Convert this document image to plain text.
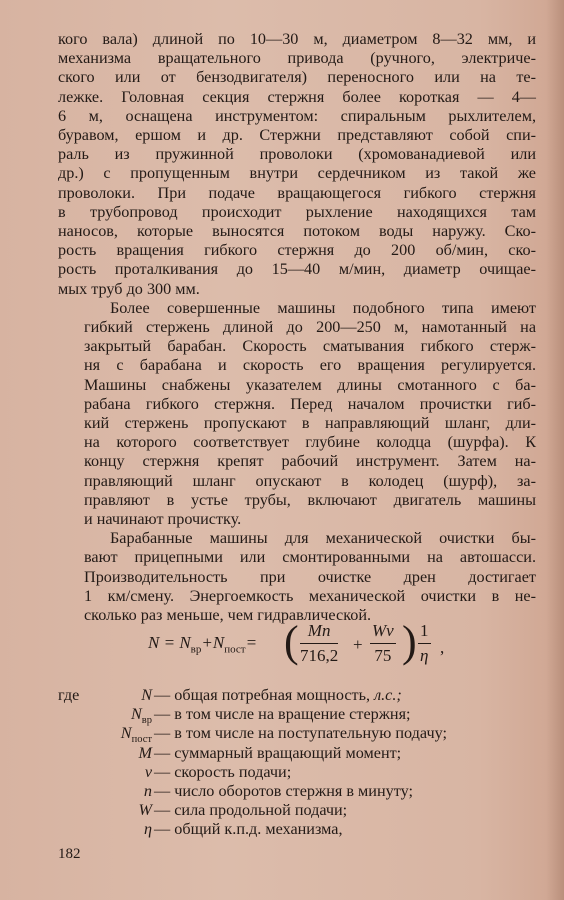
кого вала) длиной по 10—30 м, диаметром 8—32 мм, и
механизма вращательного привода (ручного, электриче-
ского или от бензодвигателя) переносного или на те-
лежке. Головная секция стержня более короткая — 4—
6 м, оснащена инструментом: спиральным рыхлителем,
буравом, ершом и др. Стержни представляют собой спи-
раль из пружинной проволоки (хромованадиевой или
др.) с пропущенным внутри сердечником из такой же
проволоки. При подаче вращающегося гибкого стержня
в трубопровод происходит рыхление находящихся там
наносов, которые выносятся потоком воды наружу. Ско-
рость вращения гибкого стержня до 200 об/мин, ско-
рость проталкивания до 15—40 м/мин, диаметр очищае-
мых труб до 300 мм.
Более совершенные машины подобного типа имеют
гибкий стержень длиной до 200—250 м, намотанный на
закрытый барабан. Скорость сматывания гибкого стерж-
ня с барабана и скорость его вращения регулируется.
Машины снабжены указателем длины смотанного с ба-
рабана гибкого стержня. Перед началом прочистки гиб-
кий стержень пропускают в направляющий шланг, дли-
на которого соответствует глубине колодца (шурфа). К
концу стержня крепят рабочий инструмент. Затем на-
правляющий шланг опускают в колодец (шурф), за-
правляют в устье трубы, включают двигатель машины
и начинают прочистку.
Барабанные машины для механической очистки бы-
вают прицепными или смонтированными на автошасси.
Производительность при очистке дрен достигает
1 км/смену. Энергоемкость механической очистки в не-
сколько раз меньше, чем гидравлической.
$N = N_{вр}+N_{пост}=$ ( $\frac{Mn}{716,2} + \frac{Wv}{75}$ ) $\frac{1}{\eta}$ ,
где	N — общая потребная мощность, л.с.;
$N_{вр}$ — в том числе на вращение стержня;
$N_{пост}$ — в том числе на поступательную подачу;
M — суммарный вращающий момент;
v — скорость подачи;
n — число оборотов стержня в минуту;
W — сила продольной подачи;
η — общий к.п.д. механизма,
182
